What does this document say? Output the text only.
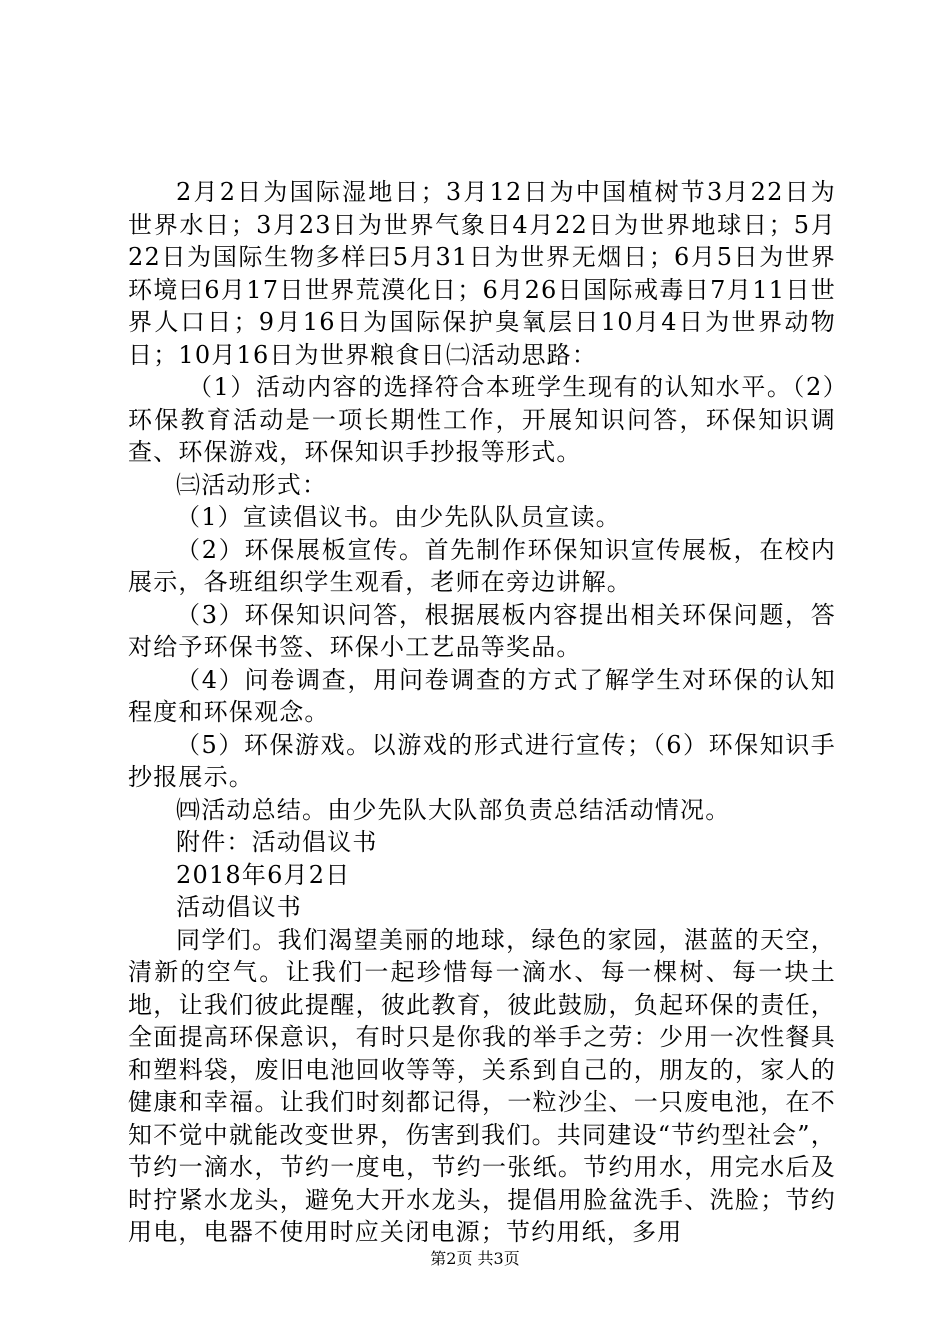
2月2日为国际湿地日；3月12日为中国植树节3月22日为世界水日；3月23日为世界气象日4月22日为世界地球日；5月22日为国际生物多样曰5月31日为世界无烟日；6月5日为世界环境曰6月17日世界荒漠化日；6月26日国际戒毒日7月11日世界人口日；9月16日为国际保护臭氧层日10月4日为世界动物日；10月16日为世界粮食日㈡活动思路：

（1）活动内容的选择符合本班学生现有的认知水平。（2）环保教育活动是一项长期性工作，开展知识问答，环保知识调查、环保游戏，环保知识手抄报等形式。

㈢活动形式：

（1）宣读倡议书。由少先队队员宣读。

（2）环保展板宣传。首先制作环保知识宣传展板，在校内展示，各班组织学生观看，老师在旁边讲解。

（3）环保知识问答，根据展板内容提出相关环保问题，答对给予环保书签、环保小工艺品等奖品。

（4）问卷调查，用问卷调查的方式了解学生对环保的认知程度和环保观念。

（5）环保游戏。以游戏的形式进行宣传；（6）环保知识手抄报展示。

㈣活动总结。由少先队大队部负责总结活动情况。

附件：活动倡议书

2018年6月2日

活动倡议书

同学们。我们渴望美丽的地球，绿色的家园，湛蓝的天空，清新的空气。让我们一起珍惜每一滴水、每一棵树、每一块土地，让我们彼此提醒，彼此教育，彼此鼓励，负起环保的责任，全面提高环保意识，有时只是你我的举手之劳：少用一次性餐具和塑料袋，废旧电池回收等等，关系到自己的，朋友的，家人的健康和幸福。让我们时刻都记得，一粒沙尘、一只废电池，在不知不觉中就能改变世界，伤害到我们。共同建设“节约型社会”，节约一滴水，节约一度电，节约一张纸。节约用水，用完水后及时拧紧水龙头，避免大开水龙头，提倡用脸盆洗手、洗脸；节约用电，电器不使用时应关闭电源；节约用纸，多用

第2页 共3页
